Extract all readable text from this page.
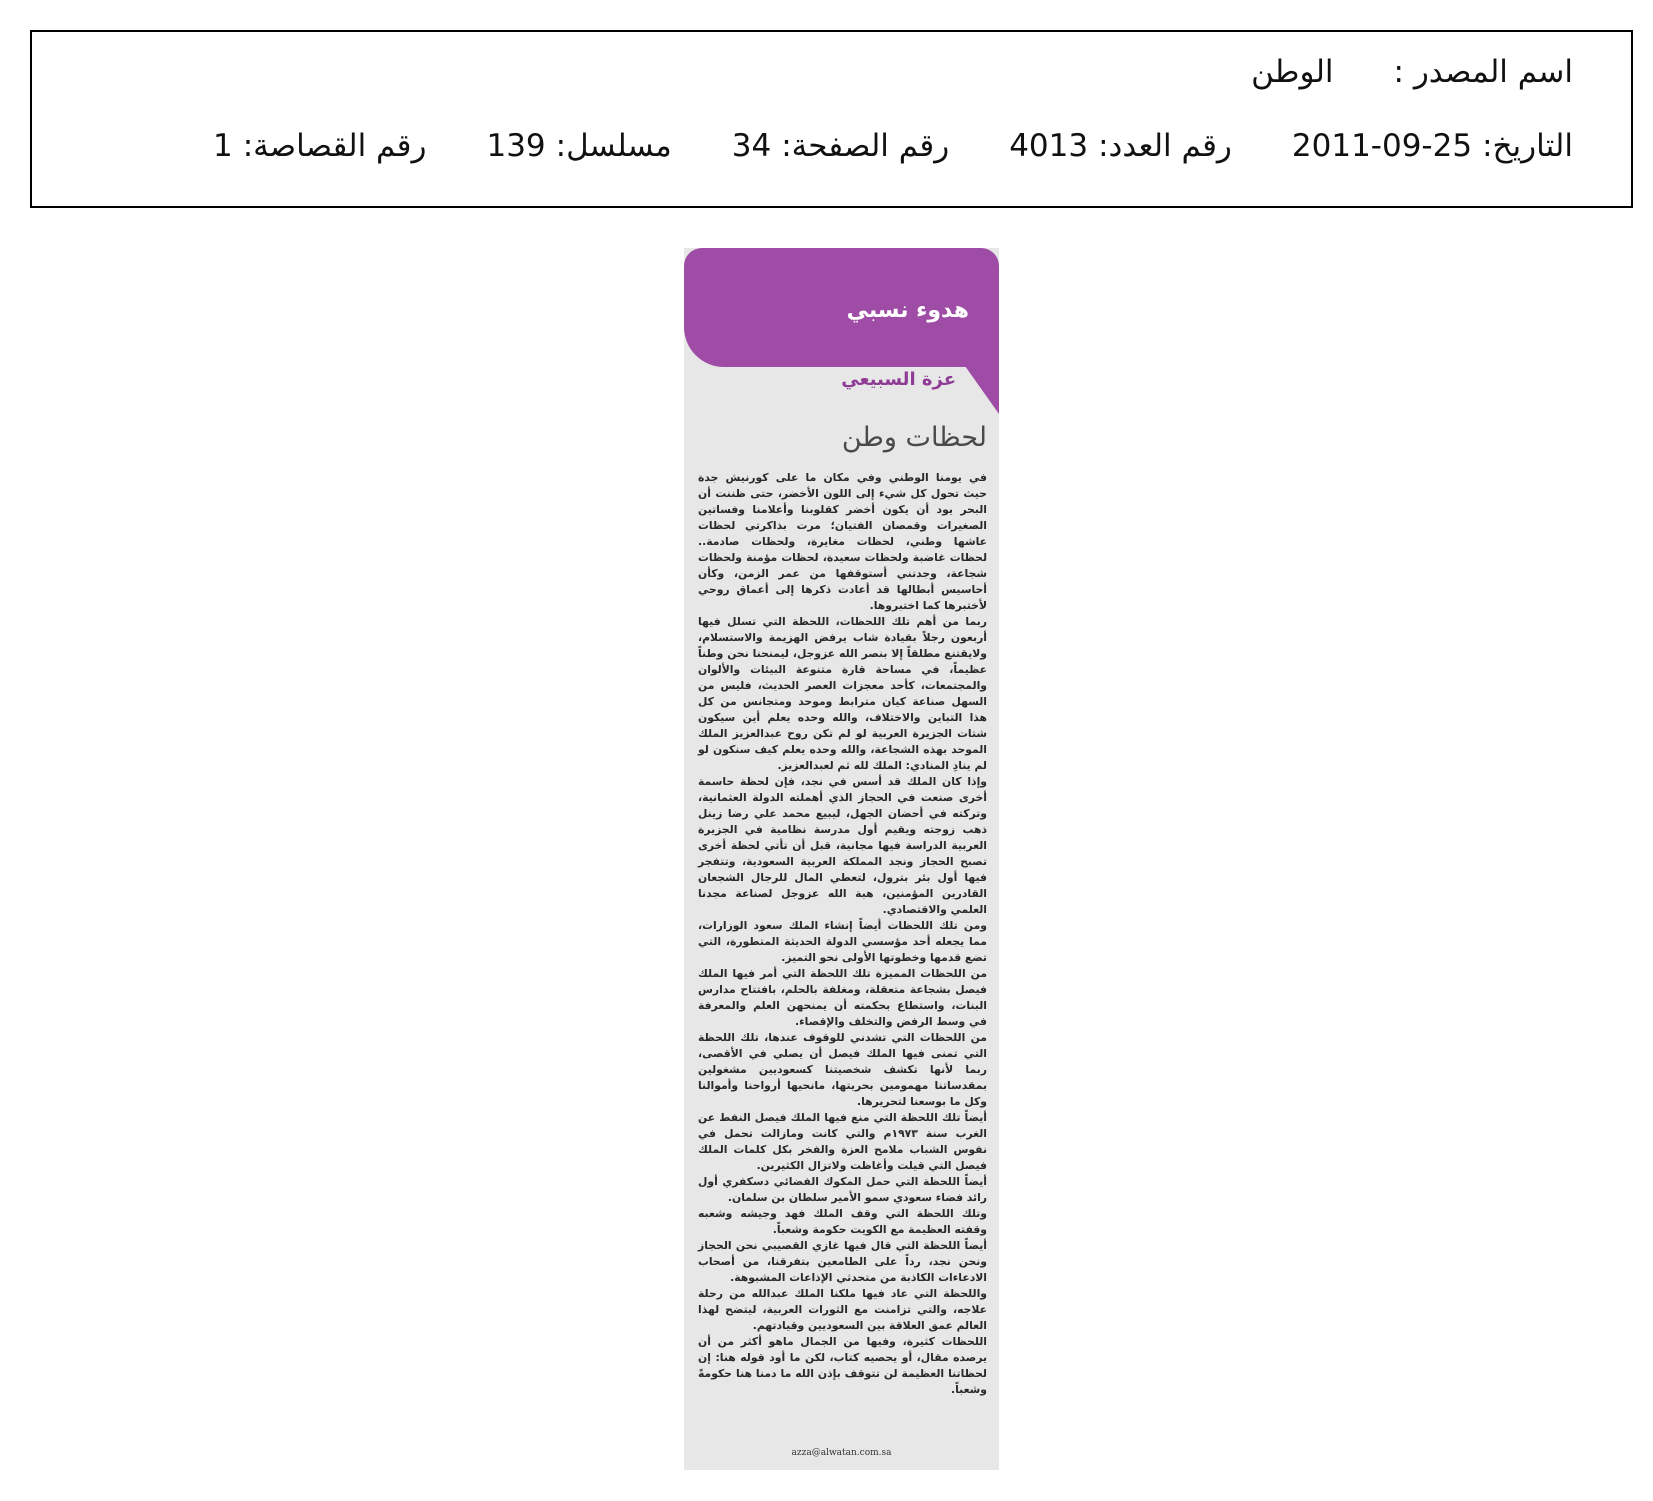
اسم المصدر :
الوطن
التاريخ:
2011-09-25
رقم العدد:
4013
رقم الصفحة:
34
مسلسل:
139
رقم القصاصة:
1
هدوء نسبي
عزة السبيعي
لحظات وطن

في يومنا الوطني وفي مكان ما على كورنيش جدة حيث تحول كل شيء إلى اللون الأخضر، حتى ظننت أن البحر يود أن يكون أخضر كقلوبنا وأعلامنا وفساتين الصغيرات وقمصان الفتيان؛ مرت بذاكرتي لحظات عاشها وطني، لحظات مغايرة، ولحظات صادمة.. لحظات غاضبة ولحظات سعيدة، لحظات مؤمنة ولحظات شجاعة، وجدتني أستوقفها من عمر الزمن، وكأن أحاسيس أبطالها قد أعادت ذكرها إلى أعماق روحي لأختبرها كما اختبروها.

ربما من أهم تلك اللحظات، اللحظة التي تسلل فيها أربعون رجلاً بقيادة شاب يرفض الهزيمة والاستسلام، ولايقتنع مطلقاً إلا بنصر الله عزوجل، ليمنحنا نحن وطناً عظيماً، في مساحة قارة متنوعة البيئات والألوان والمجتمعات، كأحد معجزات العصر الحديث، فليس من السهل صناعة كيان مترابط وموحد ومتجانس من كل هذا التباين والاختلاف، والله وحده يعلم أين سيكون شتات الجزيرة العربية لو لم تكن روح عبدالعزيز الملك الموحد بهذه الشجاعة، والله وحده يعلم كيف سنكون لو لم ينادِ المنادي: الملك لله ثم لعبدالعزيز.

وإذا كان الملك قد أسس في نجد، فإن لحظة حاسمة أخرى صنعت في الحجاز الذي أهملته الدولة العثمانية، وتركته في أحضان الجهل، ليبيع محمد علي رضا زينل ذهب زوجته ويقيم أول مدرسة نظامية في الجزيرة العربية الدراسة فيها مجانية، قبل أن تأتي لحظة أخرى تصبح الحجاز ونجد المملكة العربية السعودية، وتتفجر فيها أول بئر بترول، لتعطي المال للرجال الشجعان القادرين المؤمنين، هبة الله عزوجل لصناعة مجدنا العلمي والاقتصادي.

ومن تلك اللحظات أيضاً إنشاء الملك سعود الوزارات، مما يجعله أحد مؤسسي الدولة الحديثة المتطورة، التي تضع قدمها وخطوتها الأولى نحو التميز.

من اللحظات المميزة تلك اللحظة التي أمر فيها الملك فيصل بشجاعة متعقلة، ومغلفة بالحلم، بافتتاح مدارس البنات، واستطاع بحكمته أن يمنحهن العلم والمعرفة في وسط الرفض والتخلف والإقصاء.

من اللحظات التي تشدني للوقوف عندها، تلك اللحظة التي تمنى فيها الملك فيصل أن يصلي في الأقصى، ربما لأنها تكشف شخصيتنا كسعوديين مشغولين بمقدساتنا مهمومين بحريتها، مانحيها أرواحنا وأموالنا وكل ما بوسعنا لتحريرها.

أيضاً تلك اللحظة التي منع فيها الملك فيصل النفط عن الغرب سنة ١٩٧٣م والتي كانت ومازالت تحمل في نفوس الشباب ملامح العزة والفخر بكل كلمات الملك فيصل التي قيلت وأغاظت ولاتزال الكثيرين.

أيضاً اللحظة التي حمل المكوك الفضائي دسكفري أول رائد فضاء سعودي سمو الأمير سلطان بن سلمان.

وتلك اللحظة التي وقف الملك فهد وجيشه وشعبه وقفته العظيمة مع الكويت حكومة وشعباً.

أيضاً اللحظة التي قال فيها غازي القصيبي نحن الحجاز ونحن نجد، رداً على الطامعين بتفرقنا، من أصحاب الادعاءات الكاذبة من متحدثي الإذاعات المشبوهة.

واللحظة التي عاد فيها ملكنا الملك عبدالله من رحلة علاجه، والتي تزامنت مع الثورات العربية، ليتضح لهذا العالم عمق العلاقة بين السعوديين وقيادتهم.

اللحظات كثيرة، وفيها من الجمال ماهو أكثر من أن يرصده مقال، أو يحصيه كتاب، لكن ما أود قوله هنا: إن لحظاتنا العظيمة لن تتوقف بإذن الله ما دمنا هنا حكومةً وشعباً.

azza@alwatan.com.sa
